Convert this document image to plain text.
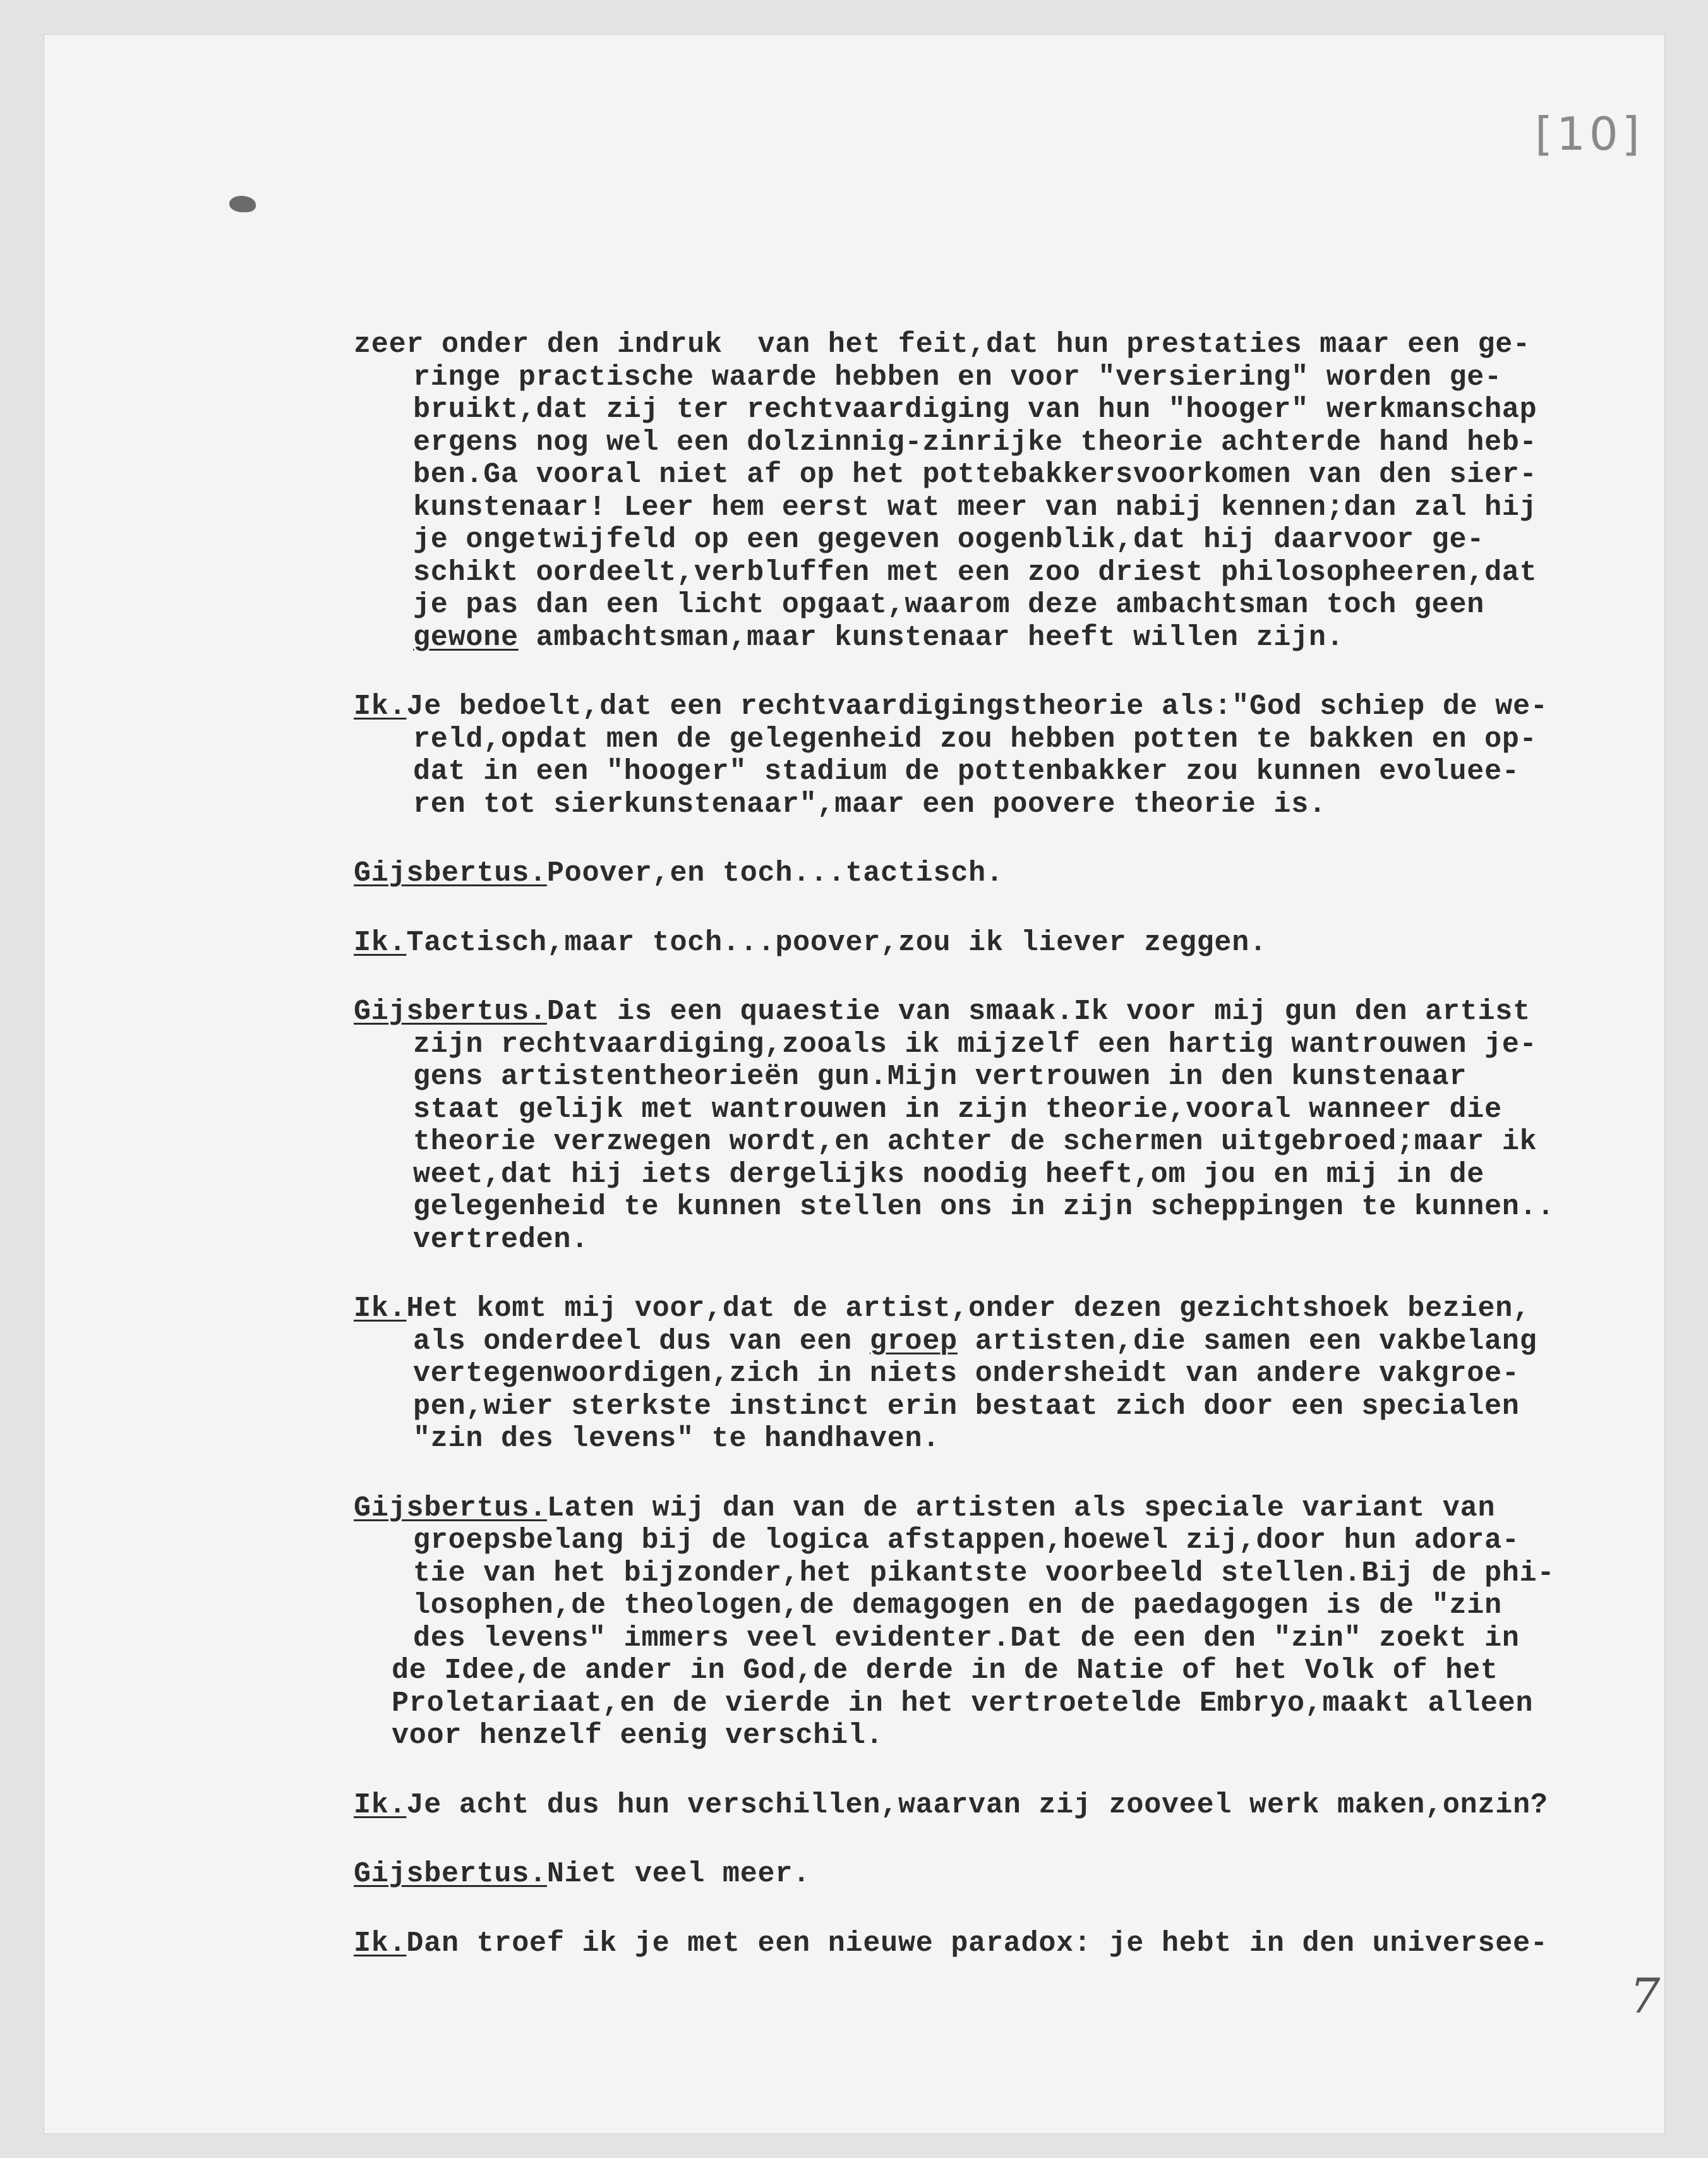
[10]
7
zeer onder den indruk  van het feit,dat hun prestaties maar een ge-
ringe practische waarde hebben en voor "versiering" worden ge-
bruikt,dat zij ter rechtvaardiging van hun "hooger" werkmanschap
ergens nog wel een dolzinnig-zinrijke theorie achterde hand heb-
ben.Ga vooral niet af op het pottebakkersvoorkomen van den sier-
kunstenaar! Leer hem eerst wat meer van nabij kennen;dan zal hij
je ongetwijfeld op een gegeven oogenblik,dat hij daarvoor ge-
schikt oordeelt,verbluffen met een zoo driest philosopheeren,dat
je pas dan een licht opgaat,waarom deze ambachtsman toch geen
gewone ambachtsman,maar kunstenaar heeft willen zijn.
Ik.Je bedoelt,dat een rechtvaardigingstheorie als:"God schiep de we-
reld,opdat men de gelegenheid zou hebben potten te bakken en op-
dat in een "hooger" stadium de pottenbakker zou kunnen evoluee-
ren tot sierkunstenaar",maar een poovere theorie is.
Gijsbertus.Poover,en toch...tactisch.
Ik.Tactisch,maar toch...poover,zou ik liever zeggen.
Gijsbertus.Dat is een quaestie van smaak.Ik voor mij gun den artist
zijn rechtvaardiging,zooals ik mijzelf een hartig wantrouwen je-
gens artistentheorieën gun.Mijn vertrouwen in den kunstenaar
staat gelijk met wantrouwen in zijn theorie,vooral wanneer die
theorie verzwegen wordt,en achter de schermen uitgebroed;maar ik
weet,dat hij iets dergelijks noodig heeft,om jou en mij in de
gelegenheid te kunnen stellen ons in zijn scheppingen te kunnen..
vertreden.
Ik.Het komt mij voor,dat de artist,onder dezen gezichtshoek bezien,
als onderdeel dus van een groep artisten,die samen een vakbelang
vertegenwoordigen,zich in niets ondersheidt van andere vakgroe-
pen,wier sterkste instinct erin bestaat zich door een specialen
"zin des levens" te handhaven.
Gijsbertus.Laten wij dan van de artisten als speciale variant van
groepsbelang bij de logica afstappen,hoewel zij,door hun adora-
tie van het bijzonder,het pikantste voorbeeld stellen.Bij de phi-
losophen,de theologen,de demagogen en de paedagogen is de "zin
des levens" immers veel evidenter.Dat de een den "zin" zoekt in
de Idee,de ander in God,de derde in de Natie of het Volk of het
Proletariaat,en de vierde in het vertroetelde Embryo,maakt alleen
voor henzelf eenig verschil.
Ik.Je acht dus hun verschillen,waarvan zij zooveel werk maken,onzin?
Gijsbertus.Niet veel meer.
Ik.Dan troef ik je met een nieuwe paradox: je hebt in den universee-
